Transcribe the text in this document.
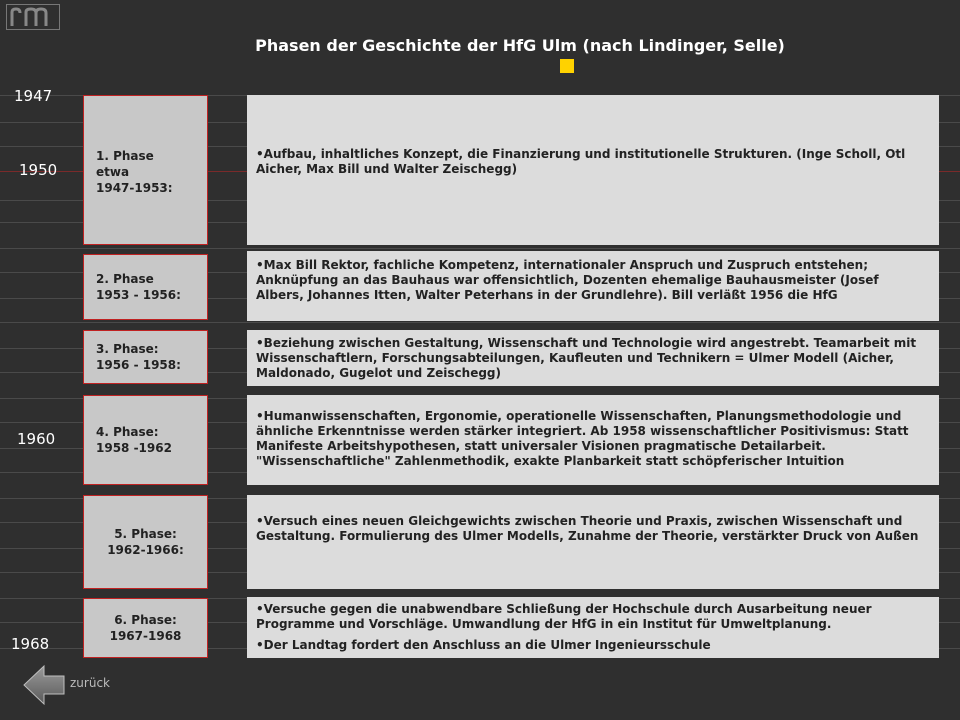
Phasen der Geschichte der HfG Ulm (nach Lindinger, Selle)
1947
1950
1960
1968
1. Phase
etwa
1947-1953:

• Aufbau, inhaltliches Konzept, die Finanzierung und institutionelle Strukturen. (Inge Scholl, Otl Aicher, Max Bill und Walter Zeischegg)

2. Phase
1953 - 1956:

• Max Bill Rektor, fachliche Kompetenz, internationaler Anspruch und Zuspruch entstehen; Anknüpfung an das Bauhaus war offensichtlich, Dozenten ehemalige Bauhausmeister (Josef Albers, Johannes Itten, Walter Peterhans in der Grundlehre). Bill verläßt 1956 die HfG

3. Phase:
1956 - 1958:

• Beziehung zwischen Gestaltung, Wissenschaft und Technologie wird angestrebt. Teamarbeit mit Wissenschaftlern, Forschungsabteilungen, Kaufleuten und Technikern = Ulmer Modell (Aicher, Maldonado, Gugelot und Zeischegg)

4. Phase:
1958 -1962

• Humanwissenschaften, Ergonomie, operationelle Wissenschaften, Planungsmethodologie und ähnliche Erkenntnisse werden stärker integriert. Ab 1958 wissenschaftlicher Positivismus: Statt Manifeste Arbeitshypothesen, statt universaler Visionen pragmatische Detailarbeit. "Wissenschaftliche" Zahlenmethodik, exakte Planbarkeit statt schöpferischer Intuition

5. Phase:
1962-1966:

• Versuch eines neuen Gleichgewichts zwischen Theorie und Praxis, zwischen Wissenschaft und Gestaltung. Formulierung des Ulmer Modells, Zunahme der Theorie, verstärkter Druck von Außen

6. Phase:
1967-1968

• Versuche gegen die unabwendbare Schließung der Hochschule durch Ausarbeitung neuer Programme und Vorschläge. Umwandlung der HfG in ein Institut für Umweltplanung.

• Der Landtag fordert den Anschluss an die Ulmer Ingenieursschule

zurück
